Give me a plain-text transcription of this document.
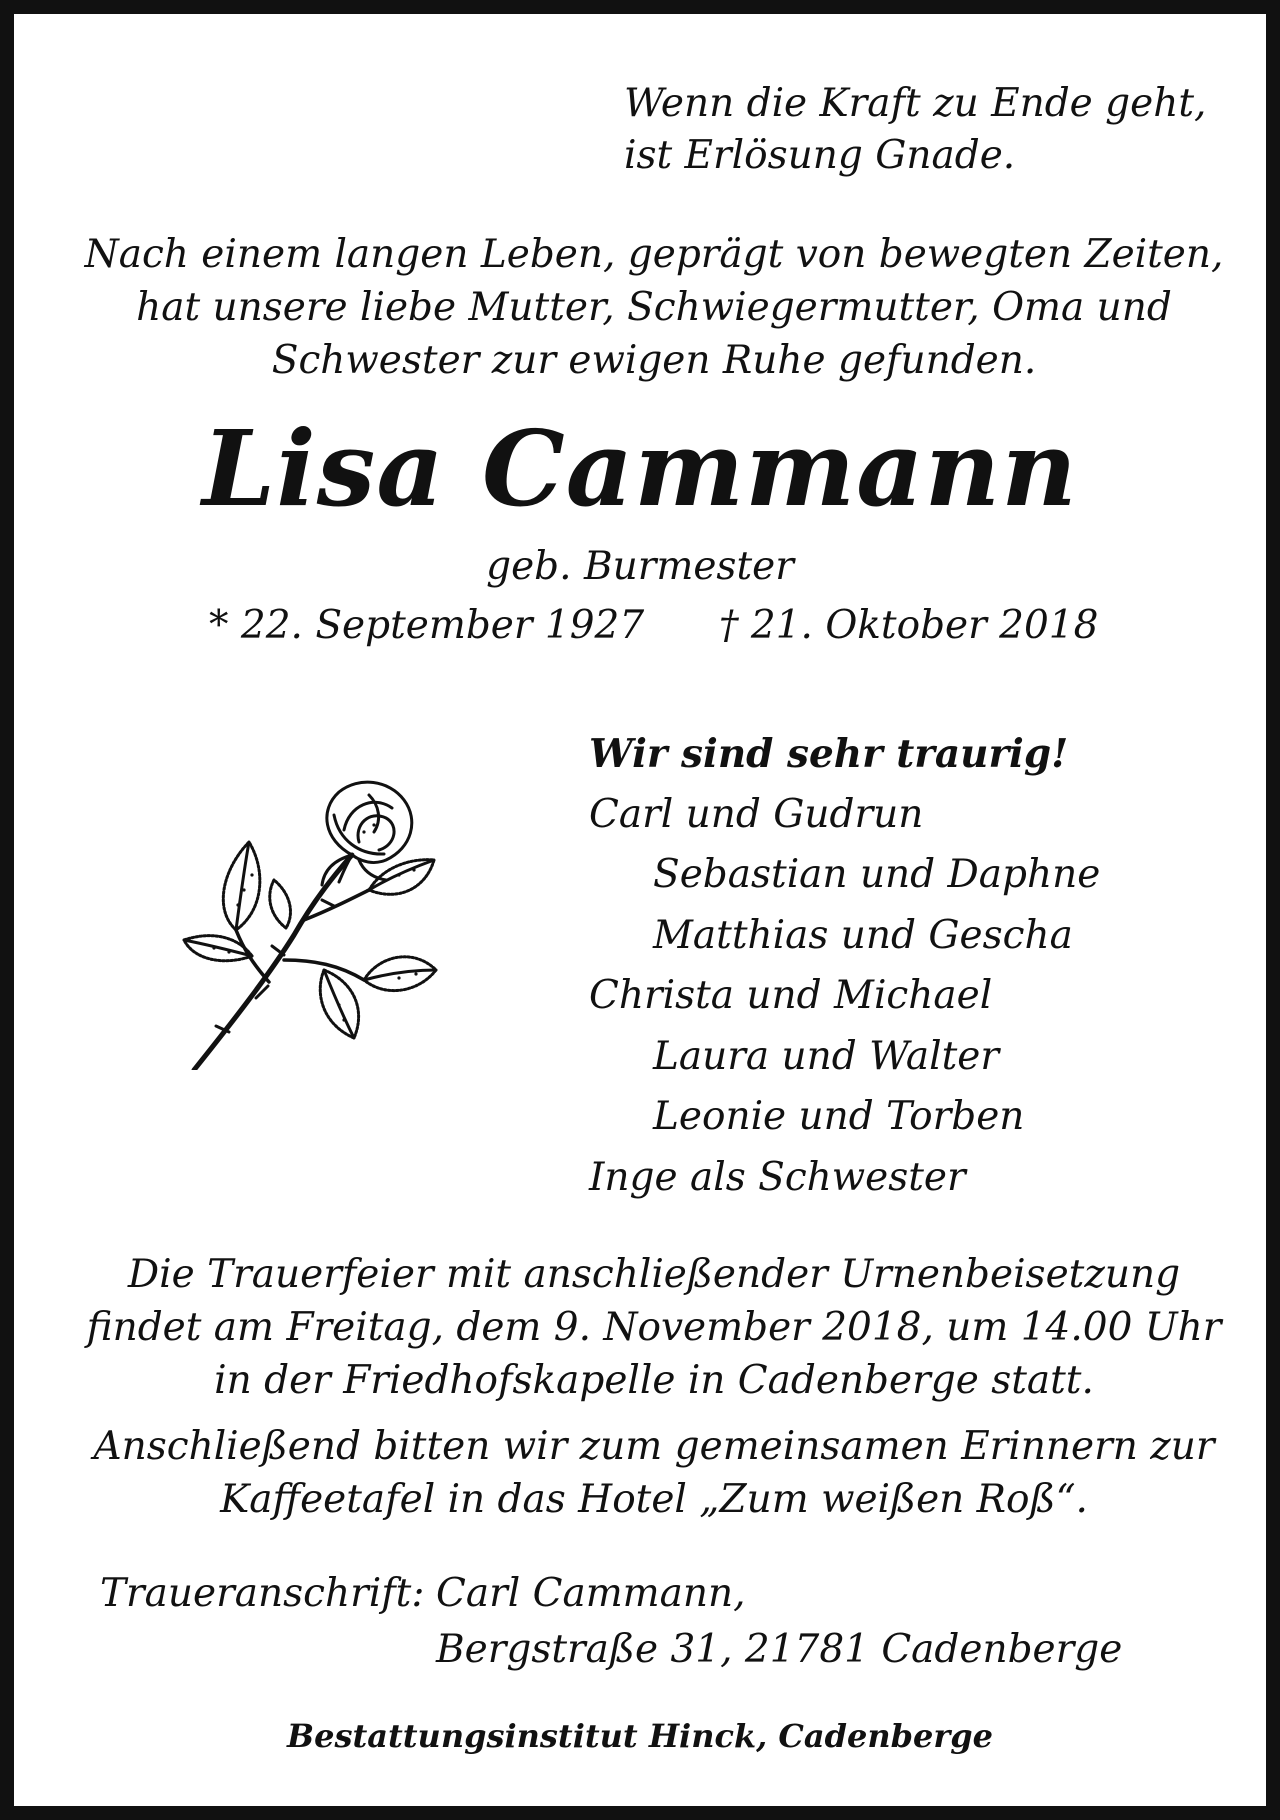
Wenn die Kraft zu Ende geht,
ist Erlösung Gnade.
Nach einem langen Leben, geprägt von bewegten Zeiten,
hat unsere liebe Mutter, Schwiegermutter, Oma und
Schwester zur ewigen Ruhe gefunden.
Lisa Cammann
geb. Burmester
* 22. September 1927 † 21. Oktober 2018
Wir sind sehr traurig!
Carl und Gudrun
Sebastian und Daphne
Matthias und Gescha
Christa und Michael
Laura und Walter
Leonie und Torben
Inge als Schwester
Die Trauerfeier mit anschließender Urnenbeisetzung
findet am Freitag, dem 9. November 2018, um 14.00 Uhr
in der Friedhofskapelle in Cadenberge statt.
Anschließend bitten wir zum gemeinsamen Erinnern zur
Kaffeetafel in das Hotel „Zum weißen Roß“.
Traueranschrift: Carl Cammann,
Bergstraße 31, 21781 Cadenberge
Bestattungsinstitut Hinck, Cadenberge
